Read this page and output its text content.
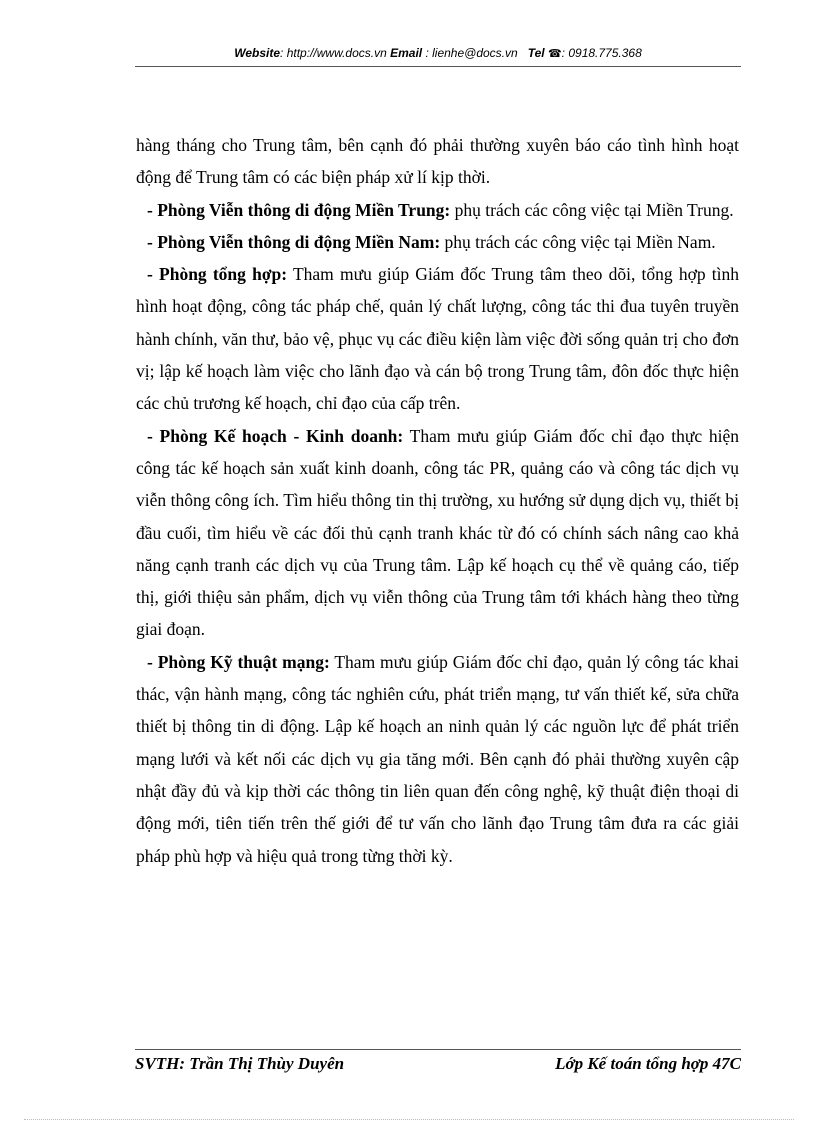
Website: http://www.docs.vn Email : lienhe@docs.vn Tel ☎: 0918.775.368

hàng tháng cho Trung tâm, bên cạnh đó phải thường xuyên báo cáo tình hình hoạt động để Trung tâm có các biện pháp xử lí kịp thời.

- Phòng Viễn thông di động Miền Trung: phụ trách các công việc tại Miền Trung.

- Phòng Viễn thông di động Miền Nam: phụ trách các công việc tại Miền Nam.

- Phòng tổng hợp: Tham mưu giúp Giám đốc Trung tâm theo dõi, tổng hợp tình hình hoạt động, công tác pháp chế, quản lý chất lượng, công tác thi đua tuyên truyền hành chính, văn thư, bảo vệ, phục vụ các điều kiện làm việc đời sống quản trị cho đơn vị; lập kế hoạch làm việc cho lãnh đạo và cán bộ trong Trung tâm, đôn đốc thực hiện các chủ trương kế hoạch, chỉ đạo của cấp trên.

- Phòng Kế hoạch - Kinh doanh: Tham mưu giúp Giám đốc chỉ đạo thực hiện công tác kế hoạch sản xuất kinh doanh, công tác PR, quảng cáo và công tác dịch vụ viễn thông công ích. Tìm hiểu thông tin thị trường, xu hướng sử dụng dịch vụ, thiết bị đầu cuối, tìm hiểu về các đối thủ cạnh tranh khác từ đó có chính sách nâng cao khả năng cạnh tranh các dịch vụ của Trung tâm. Lập kế hoạch cụ thể về quảng cáo, tiếp thị, giới thiệu sản phẩm, dịch vụ viễn thông của Trung tâm tới khách hàng theo từng giai đoạn.

- Phòng Kỹ thuật mạng: Tham mưu giúp Giám đốc chỉ đạo, quản lý công tác khai thác, vận hành mạng, công tác nghiên cứu, phát triển mạng, tư vấn thiết kế, sửa chữa thiết bị thông tin di động. Lập kế hoạch an ninh quản lý các nguồn lực để phát triển mạng lưới và kết nối các dịch vụ gia tăng mới. Bên cạnh đó phải thường xuyên cập nhật đầy đủ và kịp thời các thông tin liên quan đến công nghệ, kỹ thuật điện thoại di động mới, tiên tiến trên thế giới để tư vấn cho lãnh đạo Trung tâm đưa ra các giải pháp phù hợp và hiệu quả trong từng thời kỳ.

SVTH: Trần Thị Thùy Duyên	Lớp Kế toán tổng hợp 47C
